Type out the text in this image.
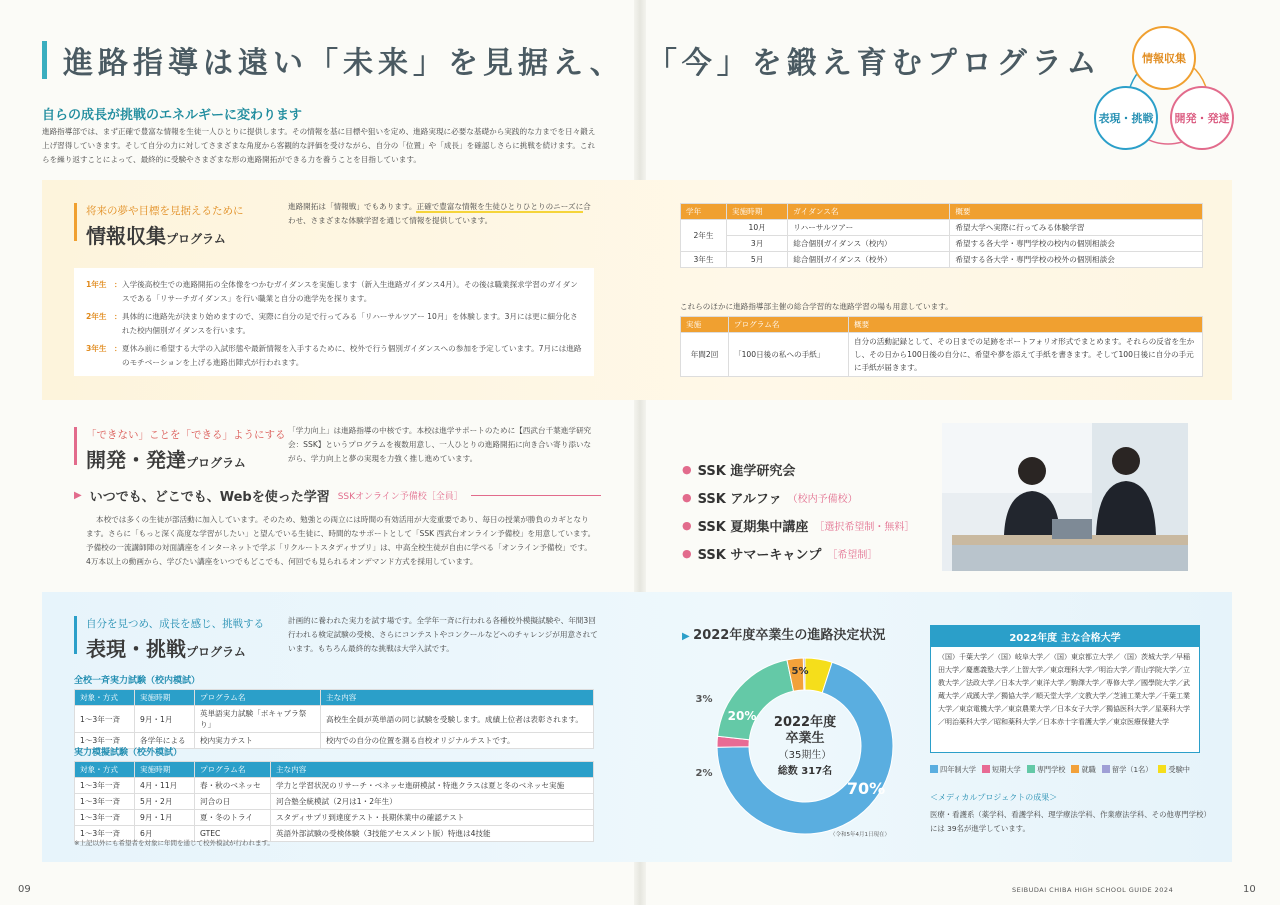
進路指導は遠い「未来」を見据え、 「今」を鍛え育むプログラム	情報収集
表現・挑戦	開発・発達
自らの成長が挑戦のエネルギーに変わります
進路指導部では、まず正確で豊富な情報を生徒一人ひとりに提供します。その情報を基に目標や狙いを定め、進路実現に必要な基礎から実践的な力までを日々鍛え上げ習得していきます。そして自分の力に対してさまざまな角度から客観的な評価を受けながら、自分の「位置」や「成長」を確認しさらに挑戦を続けます。これらを繰り返すことによって、最終的に受験やさまざまな形の進路開拓ができる力を養うことを目指しています。
将来の夢や目標を見据えるために
情報収集プログラム
進路開拓は「情報戦」でもあります。正確で豊富な情報を生徒ひとりひとりのニーズに合わせ、さまざまな体験学習を通じて情報を提供しています。
1年生 ： 入学後高校生での進路開拓の全体像をつかむガイダンスを実施します（新入生進路ガイダンス4月）。その後は職業探求学習のガイダンスである「リサーチガイダンス」を行い職業と自分の進学先を探ります。
2年生 ： 具体的に進路先が決まり始めますので、実際に自分の足で行ってみる「リハーサルツアー 10月」を体験します。3月には更に細分化された校内個別ガイダンスを行います。
3年生 ： 夏休み前に希望する大学の入試形態や最新情報を入手するために、校外で行う個別ガイダンスへの参加を予定しています。7月には進路のモチベーションを上げる進路出陣式が行われます。
学年	実施時期	ガイダンス名	概要
2年生	10月	リハーサルツアー	希望大学へ実際に行ってみる体験学習
	3月	総合個別ガイダンス（校内）	希望する各大学・専門学校の校内の個別相談会
3年生	5月	総合個別ガイダンス（校外）	希望する各大学・専門学校の校外の個別相談会
これらのほかに進路指導部主催の総合学習的な進路学習の場も用意しています。
実施	プログラム名	概要
年間2回	「100日後の私への手紙」	自分の活動記録として、その日までの足跡をポートフォリオ形式でまとめます。それらの反省を生かし、その日から100日後の自分に、希望や夢を添えて手紙を書きます。そして100日後に自分の手元に手紙が届きます。
「できない」ことを「できる」ようにする
開発・発達プログラム
「学力向上」は進路指導の中核です。本校は進学サポートのために【西武台千葉進学研究会：SSK】というプログラムを複数用意し、一人ひとりの進路開拓に向き合い寄り添いながら、学力向上と夢の実現を力強く推し進めています。
▶ いつでも、どこでも、Webを使った学習 SSKオンライン予備校［全員］
本校では多くの生徒が部活動に加入しています。そのため、勉強との両立には時間の有効活用が大変重要であり、毎日の授業が勝負のカギとなります。さらに「もっと深く高度な学習がしたい」と望んでいる生徒に、時間的なサポートとして「SSK 西武台オンライン予備校」を用意しています。予備校の一流講師陣の対面講座をインターネットで学ぶ「リクルートスタディサプリ」は、中高全校生徒が自由に学べる「オンライン予備校」です。4万本以上の動画から、学びたい講座をいつでもどこでも、何回でも見られるオンデマンド方式を採用しています。
● SSK 進学研究会
● SSK アルファ （校内予備校）
● SSK 夏期集中講座 ［選択希望制・無料］
● SSK サマーキャンプ ［希望制］
自分を見つめ、成長を感じ、挑戦する
表現・挑戦プログラム
計画的に養われた実力を試す場です。全学年一斉に行われる各種校外模擬試験や、年間3回行われる検定試験の受検、さらにコンテストやコンクールなどへのチャレンジが用意されています。もちろん最終的な挑戦は大学入試です。
全校一斉実力試験（校内模試）
対象・方式	実施時期	プログラム名	主な内容
1～3年一斉	9月・1月	英単語実力試験「ボキャブラ祭り」	高校生全員が英単語の同じ試験を受験します。成績上位者は表彰されます。
1～3年一斉	各学年による	校内実力テスト	校内での自分の位置を測る自校オリジナルテストです。
実力模擬試験（校外模試）
対象・方式	実施時期	プログラム名	主な内容
1～3年一斉	4月・11月	春・秋のベネッセ	学力と学習状況のリサーチ・ベネッセ進研模試・特進クラスは夏と冬のベネッセ実施
1～3年一斉	5月・2月	河合の日	河合塾全統模試（2月は1・2年生）
1～3年一斉	9月・1月	夏・冬のトライ	スタディサプリ到達度テスト・長期休業中の確認テスト
1～3年一斉	6月	GTEC	英語外部試験の受検体験（3技能アセスメント版）特進は4技能
※上記以外にも希望者を対象に年間を通じて校外模試が行われます。
▶ 2022年度卒業生の進路決定状況
2022年度
卒業生
（35期生）
総数 317名
70%
2%
20%
3%
5%
（令和5年4月1日現在）
2022年度 主な合格大学
（国）千葉大学／（国）岐阜大学／（国）東京都立大学／（国）茨城大学／早稲田大学／慶應義塾大学／上智大学／東京理科大学／明治大学／青山学院大学／立教大学／法政大学／日本大学／東洋大学／駒澤大学／専修大学／國學院大学／武蔵大学／成蹊大学／獨協大学／順天堂大学／文教大学／芝浦工業大学／千葉工業大学／東京電機大学／東京農業大学／日本女子大学／獨協医科大学／星薬科大学／明治薬科大学／昭和薬科大学／日本赤十字看護大学／東京医療保健大学
四年制大学	短期大学	専門学校	就職	留学（1名）	受験中
＜メディカルプロジェクトの成果＞
医療・看護系（薬学科、看護学科、理学療法学科、作業療法学科、その他専門学校）には 39名が進学しています。
09	10
SEIBUDAI CHIBA HIGH SCHOOL GUIDE 2024
